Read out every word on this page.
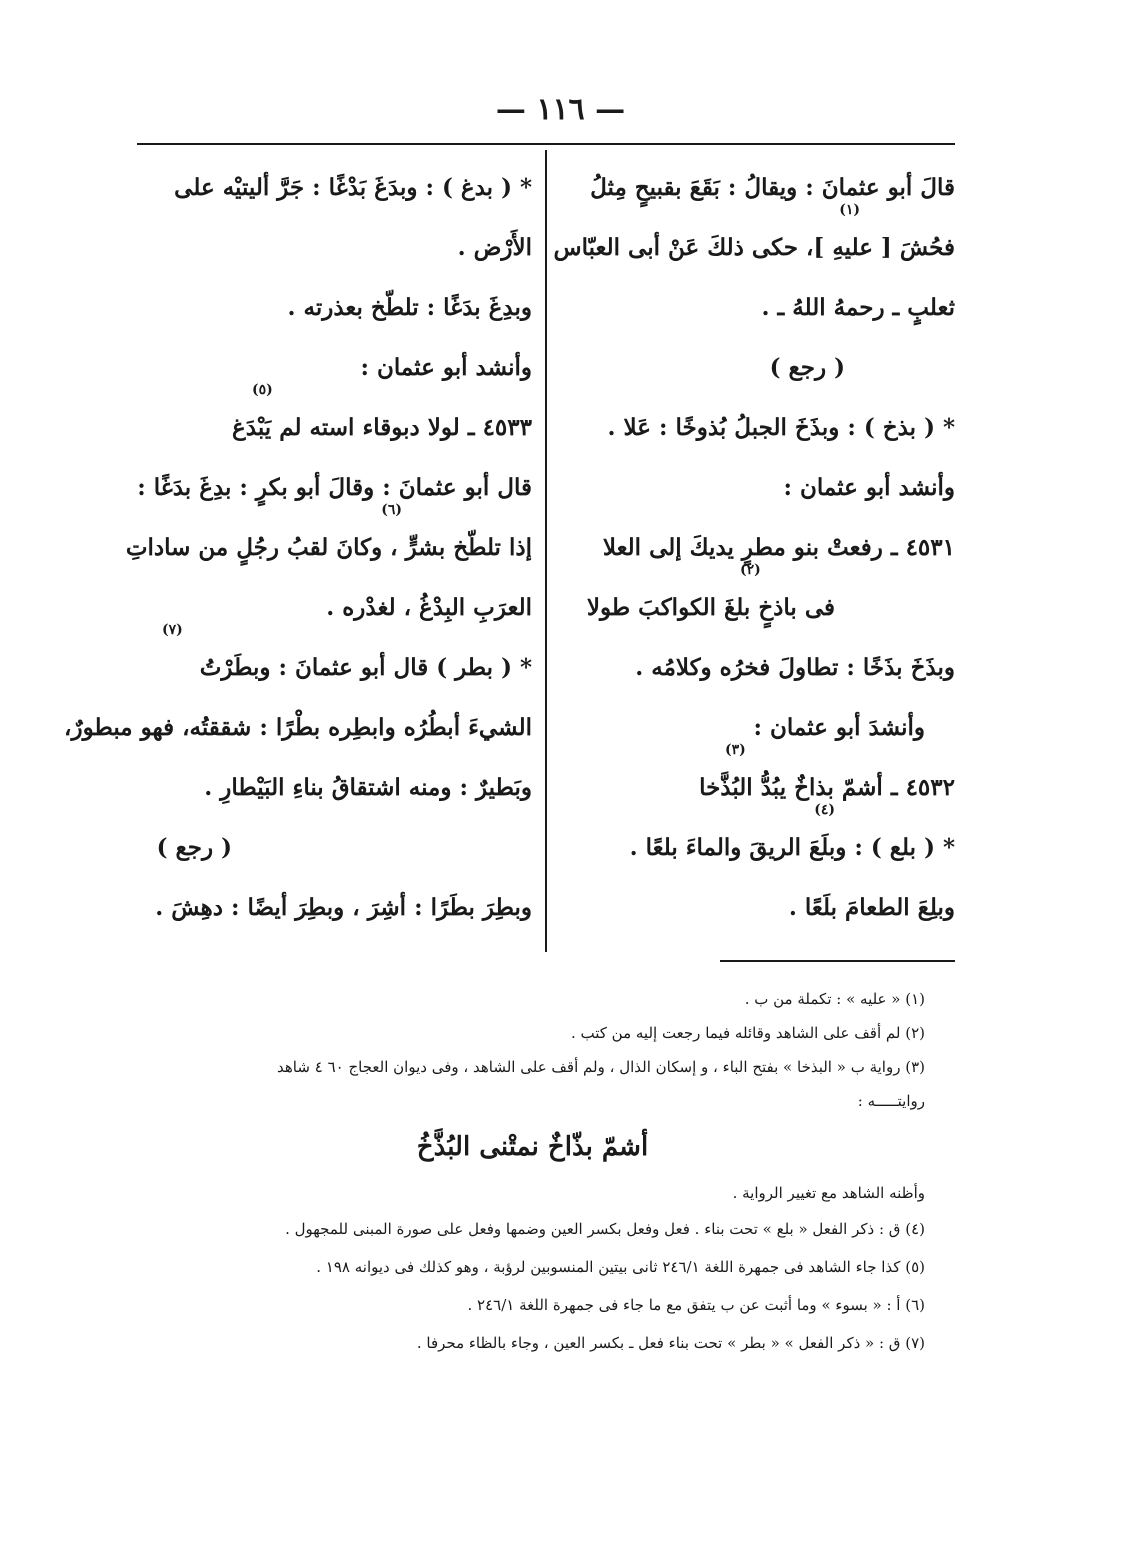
— ١١٦ —
قالَ أبو عثمانَ : ويقالُ : بَقَعَ بقبيحٍ مِثلُ
فحُشَ [ عليهِ ]، حكى ذلكَ عَنْ أبى العبّاس
(١)
ثعلبٍ ـ رحمهُ اللهُ ـ .
( رجع )
* ( بذخ ) : وبذَخَ الجبلُ بُذوخًا : عَلا .
وأنشد أبو عثمان :
٤٥٣١ ـ رفعتْ بنو مطرٍ يديكَ إلى العلا
فى باذخٍ بلغَ الكواكبَ طولا
(٢)
وبذَخَ بذَخًا : تطاولَ فخرُه وكلامُه .
وأنشدَ أبو عثمان :
٤٥٣٢ ـ أشمّ بذاخٌ يبُدُّ البُذَّخا
(٣)
* ( بلع ) : وبلَعَ الريقَ والماءَ بلعًا .
(٤)
وبلِعَ الطعامَ بلَعًا .
* ( بدغ ) : وبدَغَ بَدْغًا : جَرَّ أليتيْه على
الأَرْض .
وبدِغَ بدَغًا : تلطّخ بعذرته .
وأنشد أبو عثمان :
٤٥٣٣ ـ لولا دبوقاء استه لم يَبْدَغ
(٥)
قال أبو عثمانَ : وقالَ أبو بكرٍ : بدِغَ بدَغًا :
إذا تلطّخ بشرٍّ ، وكانَ لقبُ رجُلٍ من ساداتِ
(٦)
العرَبِ البِدْغُ ، لغدْره .
* ( بطر ) قال أبو عثمانَ : وبطَرْتُ
(٧)
الشيءَ أبطُرُه وابطِره بطْرًا : شققتُه، فهو مبطورٌ،
وبَطيرٌ : ومنه اشتقاقُ بناءِ البَيْطارِ .
( رجع )
وبطِرَ بطَرًا : أشِرَ ، وبطِرَ أيضًا : دهِشَ .
(١) « عليه » : تكملة من ب .
(٢) لم أقف على الشاهد وقائله فيما رجعت إليه من كتب .
(٣) رواية ب « البذخا » بفتح الباء ، و إسكان الذال ، ولم أقف على الشاهد ، وفى ديوان العجاج ٦٠ ٤ شاهد
روايتـــــه :
أشمّ بذّاخٌ نمتْنى البُذَّخُ
وأظنه الشاهد مع تغيير الرواية .
(٤) ق : ذكر الفعل « بلع » تحت بناء . فعل وفعل بكسر العين وضمها وفعل على صورة المبنى للمجهول .
(٥) كذا جاء الشاهد فى جمهرة اللغة ٢٤٦/١ ثانى بيتين المنسوبين لرؤبة ، وهو كذلك فى ديوانه ١٩٨ .
(٦) أ : « بسوء » وما أثبت عن ب يتفق مع ما جاء فى جمهرة اللغة ٢٤٦/١ .
(٧) ق : « ذكر الفعل » « بطر » تحت بناء فعل ـ بكسر العين ، وجاء بالظاء محرفا .
